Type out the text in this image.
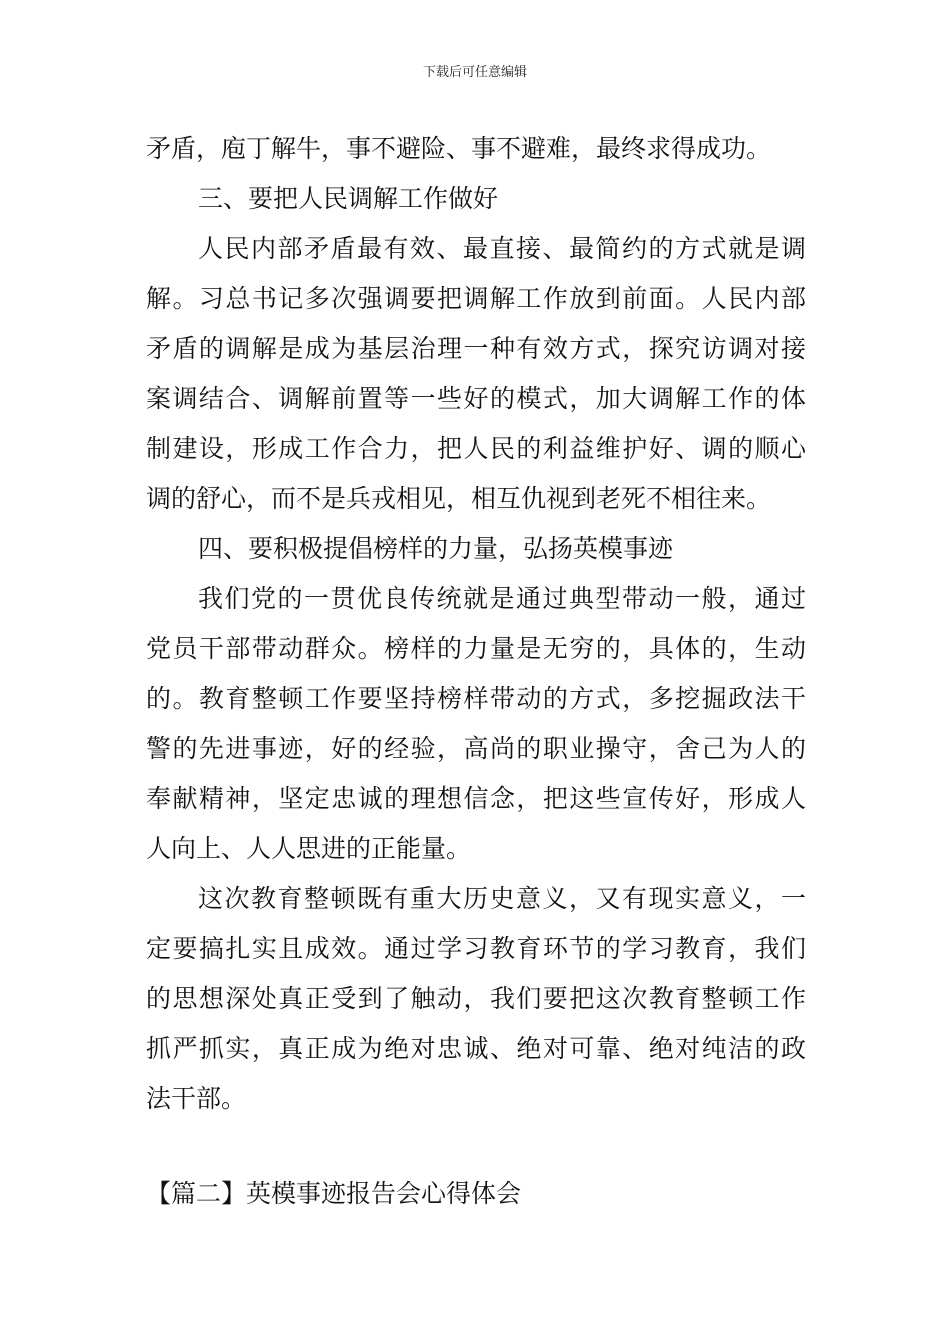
下载后可任意编辑
矛盾，庖丁解牛，事不避险、事不避难，最终求得成功。
三、要把人民调解工作做好
人民内部矛盾最有效、最直接、最简约的方式就是调
解。习总书记多次强调要把调解工作放到前面。人民内部
矛盾的调解是成为基层治理一种有效方式，探究访调对接
案调结合、调解前置等一些好的模式，加大调解工作的体
制建设，形成工作合力，把人民的利益维护好、调的顺心
调的舒心，而不是兵戎相见，相互仇视到老死不相往来。
四、要积极提倡榜样的力量，弘扬英模事迹
我们党的一贯优良传统就是通过典型带动一般，通过
党员干部带动群众。榜样的力量是无穷的，具体的，生动
的。教育整顿工作要坚持榜样带动的方式，多挖掘政法干
警的先进事迹，好的经验，高尚的职业操守，舍己为人的
奉献精神，坚定忠诚的理想信念，把这些宣传好，形成人
人向上、人人思进的正能量。
这次教育整顿既有重大历史意义，又有现实意义，一
定要搞扎实且成效。通过学习教育环节的学习教育，我们
的思想深处真正受到了触动，我们要把这次教育整顿工作
抓严抓实，真正成为绝对忠诚、绝对可靠、绝对纯洁的政
法干部。
【篇二】英模事迹报告会心得体会
